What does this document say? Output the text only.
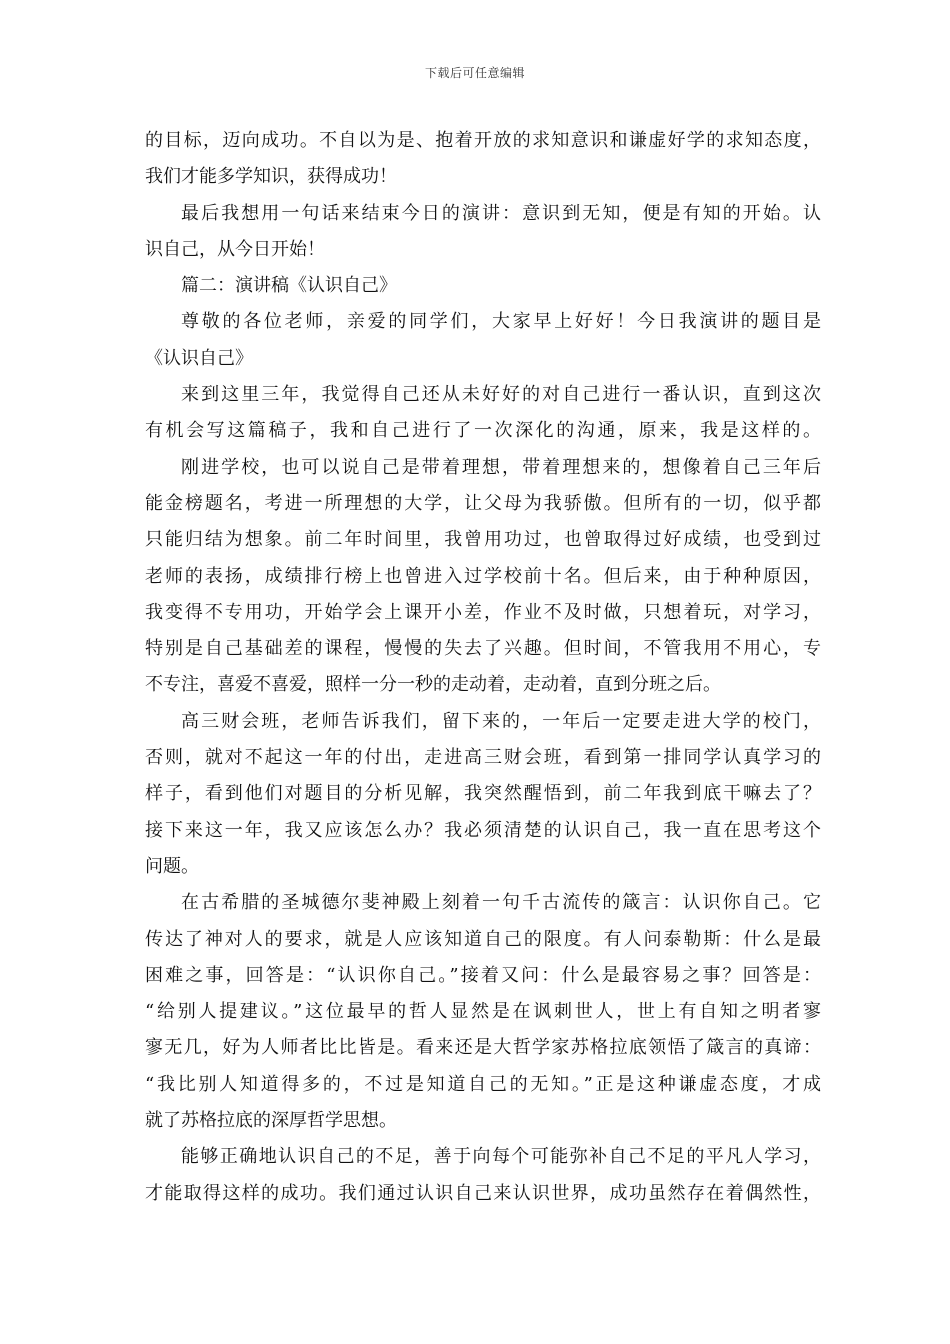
下载后可任意编辑
的目标，迈向成功。不自以为是、抱着开放的求知意识和谦虚好学的求知态度，
我们才能多学知识，获得成功！
最后我想用一句话来结束今日的演讲：意识到无知，便是有知的开始。认
识自己，从今日开始！
篇二：演讲稿《认识自己》
尊敬的各位老师，亲爱的同学们，大家早上好好！今日我演讲的题目是
《认识自己》
来到这里三年，我觉得自己还从未好好的对自己进行一番认识，直到这次
有机会写这篇稿子，我和自己进行了一次深化的沟通，原来，我是这样的。
刚进学校，也可以说自己是带着理想，带着理想来的，想像着自己三年后
能金榜题名，考进一所理想的大学，让父母为我骄傲。但所有的一切，似乎都
只能归结为想象。前二年时间里，我曾用功过，也曾取得过好成绩，也受到过
老师的表扬，成绩排行榜上也曾进入过学校前十名。但后来，由于种种原因，
我变得不专用功，开始学会上课开小差，作业不及时做，只想着玩，对学习，
特别是自己基础差的课程，慢慢的失去了兴趣。但时间，不管我用不用心，专
不专注，喜爱不喜爱，照样一分一秒的走动着，走动着，直到分班之后。
高三财会班，老师告诉我们，留下来的，一年后一定要走进大学的校门，
否则，就对不起这一年的付出，走进高三财会班，看到第一排同学认真学习的
样子，看到他们对题目的分析见解，我突然醒悟到，前二年我到底干嘛去了？
接下来这一年，我又应该怎么办？我必须清楚的认识自己，我一直在思考这个
问题。
在古希腊的圣城德尔斐神殿上刻着一句千古流传的箴言：认识你自己。它
传达了神对人的要求，就是人应该知道自己的限度。有人问泰勒斯：什么是最
困难之事，回答是：“认识你自己。”接着又问：什么是最容易之事？回答是：
“给别人提建议。”这位最早的哲人显然是在讽刺世人，世上有自知之明者寥
寥无几，好为人师者比比皆是。看来还是大哲学家苏格拉底领悟了箴言的真谛：
“我比别人知道得多的，不过是知道自己的无知。”正是这种谦虚态度，才成
就了苏格拉底的深厚哲学思想。
能够正确地认识自己的不足，善于向每个可能弥补自己不足的平凡人学习，
才能取得这样的成功。我们通过认识自己来认识世界，成功虽然存在着偶然性，
